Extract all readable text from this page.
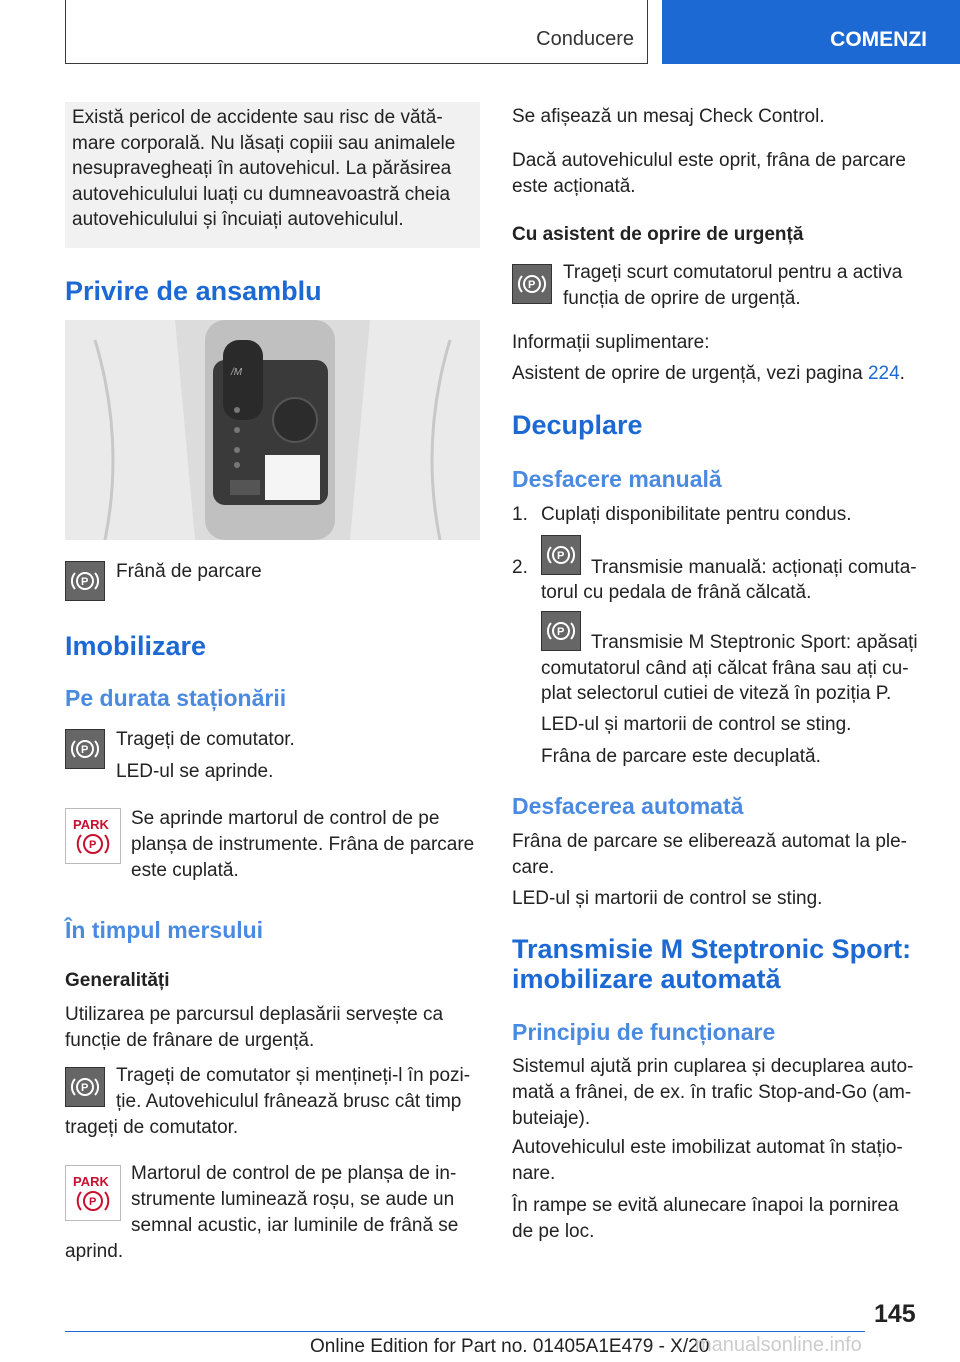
Conducere	COMENZI

Există pericol de accidente sau risc de vătă-mare corporală. Nu lăsați copiii sau animalele nesupravegheați în autovehicul. La părăsirea autovehiculului luați cu dumneavoastră cheia autovehiculului și încuiați autovehiculul.

Privire de ansamblu
/M
P Frână de parcare

Imobilizare
Pe durata staționării
P Trageți de comutator.

LED-ul se aprinde.

PARK
P

Se aprinde martorul de control de pe planșa de instrumente. Frâna de parcare este cuplată.

În timpul mersului
Generalități

Utilizarea pe parcursul deplasării servește ca funcție de frânare de urgență.

P

Trageți de comutator și mențineți-l în pozi-

ție. Autovehiculul frânează brusc cât timp

trageți de comutator.

PARK
P

Martorul de control de pe planșa de in-

strumente luminează roșu, se aude un

semnal acustic, iar luminile de frână se

aprind.

Se afișează un mesaj Check Control.

Dacă autovehiculul este oprit, frâna de parcare este acționată.

Cu asistent de oprire de urgență
P

Trageți scurt comutatorul pentru a activa funcția de oprire de urgență.

Informații suplimentare:

Asistent de oprire de urgență, vezi pagina 224.

Decuplare
Desfacere manuală

1. Cuplați disponibilitate pentru condus.

2.

P

Transmisie manuală: acționați comuta-

torul cu pedala de frână călcată.

P Transmisie M Steptronic Sport: apăsați

comutatorul când ați călcat frâna sau ați cu-

plat selectorul cutiei de viteză în poziția P.

LED-ul și martorii de control se sting.

Frâna de parcare este decuplată.

Desfacerea automată

Frâna de parcare se eliberează automat la ple-care.

LED-ul și martorii de control se sting.

Transmisie M Steptronic Sport:
imobilizare automată
Principiu de funcționare

Sistemul ajută prin cuplarea și decuplarea auto-mată a frânei, de ex. în trafic Stop-and-Go (am-buteiaje).

Autovehiculul este imobilizat automat în stațio-nare.

În rampe se evită alunecare înapoi la pornirea de pe loc.

145

Online Edition for Part no. 01405A1E479 - X/20

manualsonline.info
